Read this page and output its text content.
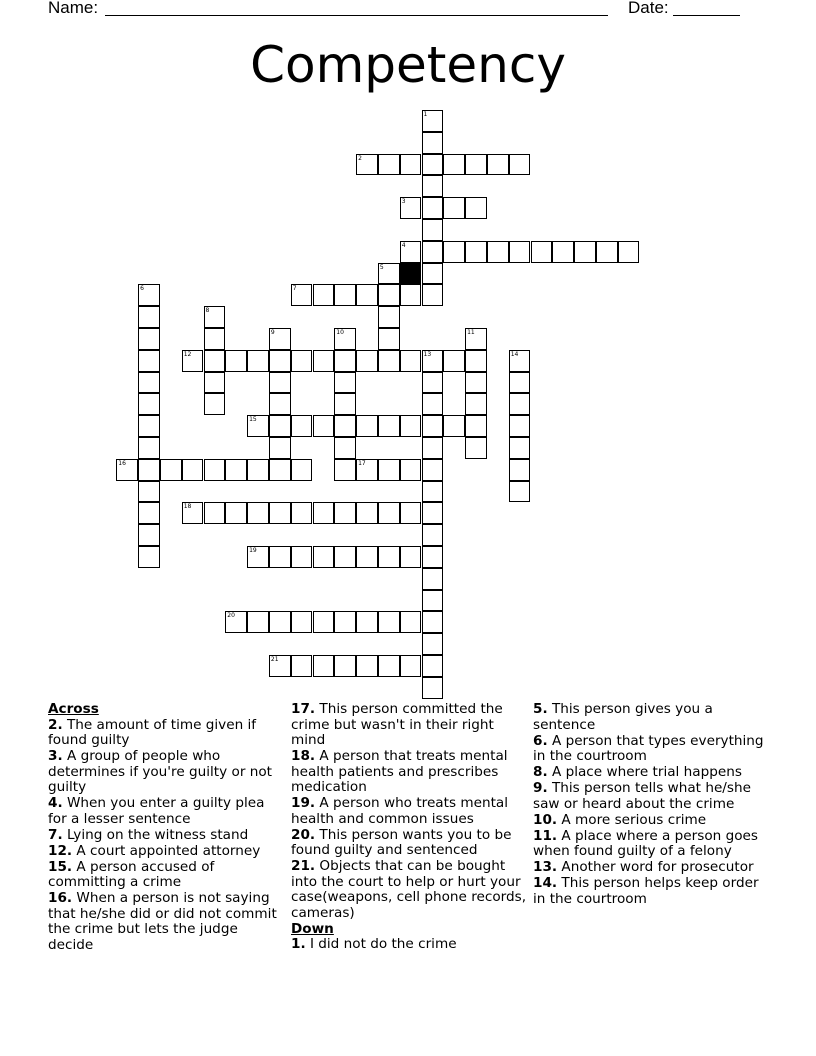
Name:	Date:
Competency
1
2
3
4
5
6	7
8
9	10	11
12	13	14
15
16	17
18
19
20
21
Across
2. The amount of time given if found guilty
3. A group of people who determines if you're guilty or not guilty
4. When you enter a guilty plea for a lesser sentence
7. Lying on the witness stand
12. A court appointed attorney
15. A person accused of committing a crime
16. When a person is not saying that he/she did or did not commit the crime but lets the judge decide
17. This person committed the crime but wasn't in their right mind
18. A person that treats mental health patients and prescribes medication
19. A person who treats mental health and common issues
20. This person wants you to be found guilty and sentenced
21. Objects that can be bought into the court to help or hurt your case(weapons, cell phone records, cameras)
Down
1. I did not do the crime
5. This person gives you a sentence
6. A person that types everything in the courtroom
8. A place where trial happens
9. This person tells what he/she saw or heard about the crime
10. A more serious crime
11. A place where a person goes when found guilty of a felony
13. Another word for prosecutor
14. This person helps keep order in the courtroom
